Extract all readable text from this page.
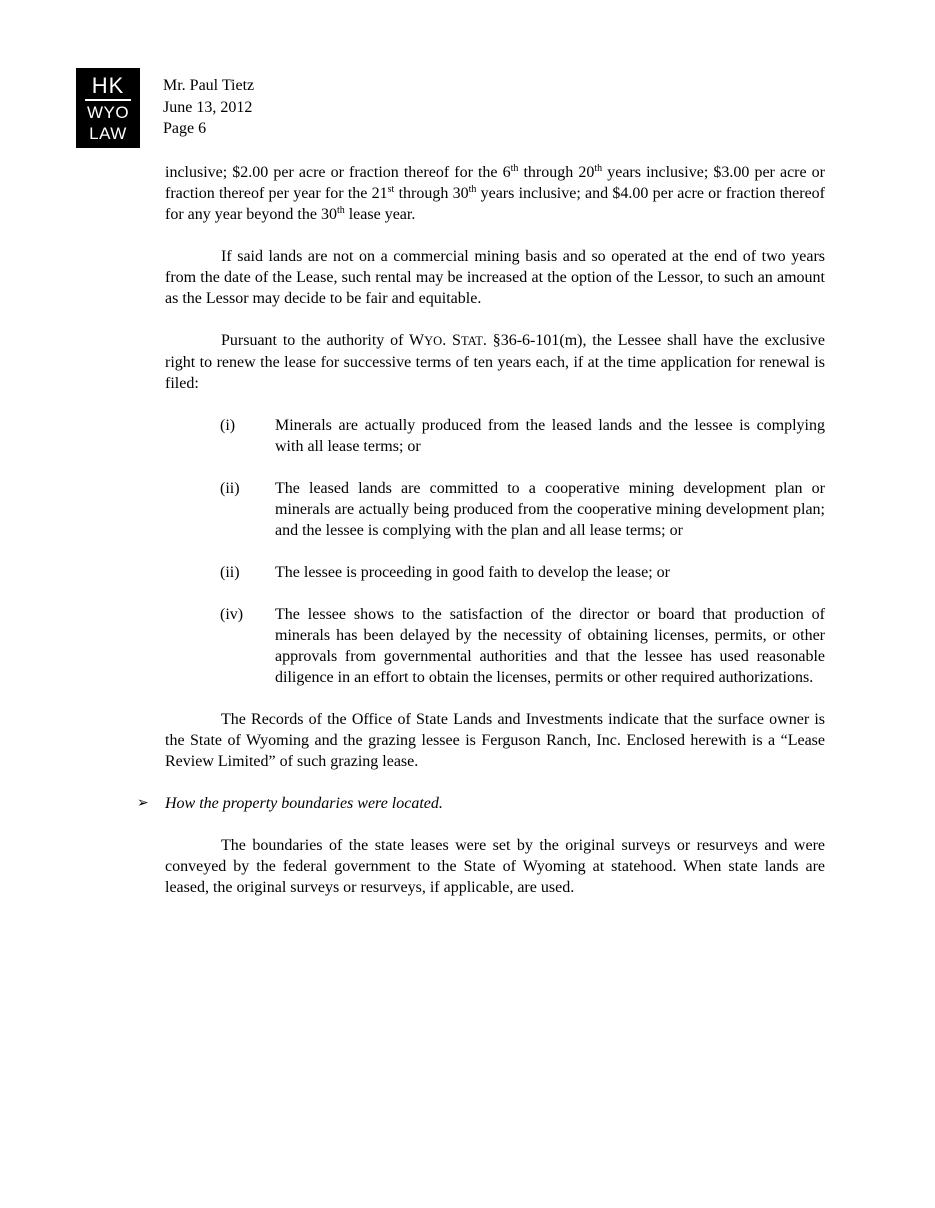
HK
WYO
LAW
Mr. Paul Tietz
June 13, 2012
Page 6

inclusive; $2.00 per acre or fraction thereof for the 6th through 20th years inclusive; $3.00 per acre or fraction thereof per year for the 21st through 30th years inclusive; and $4.00 per acre or fraction thereof for any year beyond the 30th lease year.

If said lands are not on a commercial mining basis and so operated at the end of two years from the date of the Lease, such rental may be increased at the option of the Lessor, to such an amount as the Lessor may decide to be fair and equitable.

Pursuant to the authority of WYO. STAT. §36-6-101(m), the Lessee shall have the exclusive right to renew the lease for successive terms of ten years each, if at the time application for renewal is filed:

(i)	Minerals are actually produced from the leased lands and the lessee is complying with all lease terms; or
(ii)	The leased lands are committed to a cooperative mining development plan or minerals are actually being produced from the cooperative mining development plan; and the lessee is complying with the plan and all lease terms; or
(ii)	The lessee is proceeding in good faith to develop the lease; or
(iv)	The lessee shows to the satisfaction of the director or board that production of minerals has been delayed by the necessity of obtaining licenses, permits, or other approvals from governmental authorities and that the lessee has used reasonable diligence in an effort to obtain the licenses, permits or other required authorizations.

The Records of the Office of State Lands and Investments indicate that the surface owner is the State of Wyoming and the grazing lessee is Ferguson Ranch, Inc. Enclosed herewith is a “Lease Review Limited” of such grazing lease.

➢ How the property boundaries were located.

The boundaries of the state leases were set by the original surveys or resurveys and were conveyed by the federal government to the State of Wyoming at statehood. When state lands are leased, the original surveys or resurveys, if applicable, are used.
